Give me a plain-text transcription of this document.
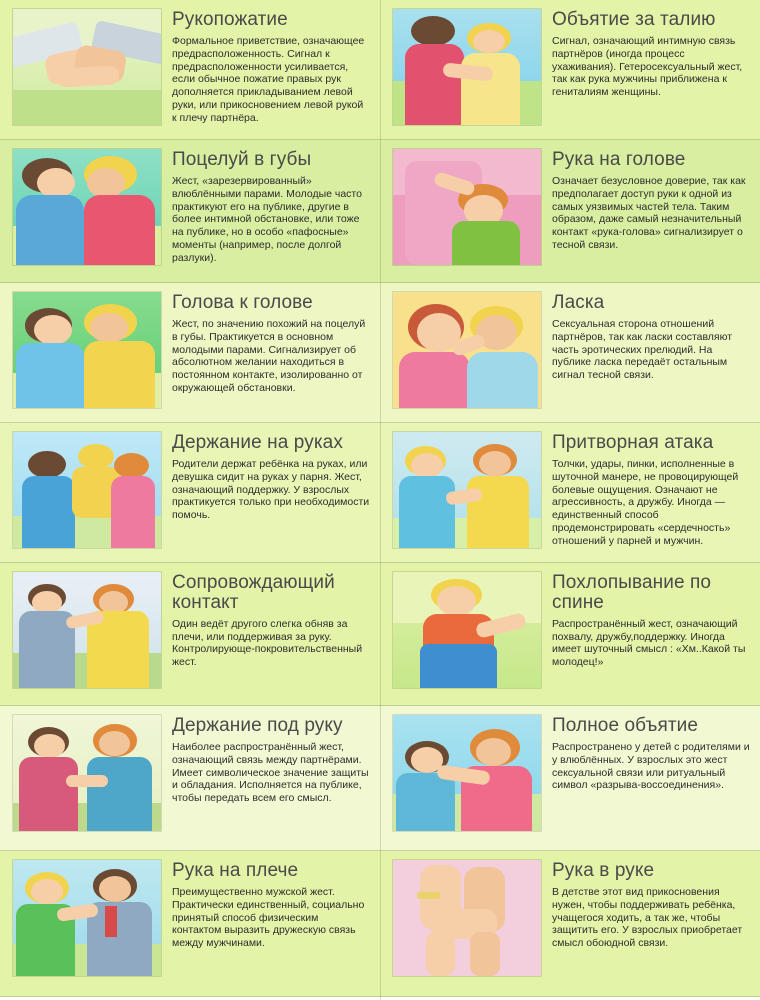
Рукопожатие
Формальное приветствие, означающее предрасположенность. Сигнал к предрасположенности усиливается, если обычное пожатие правых рук дополняется прикладыванием левой руки, или прикосновением левой рукой к плечу партнёра.
Объятие за талию
Сигнал, означающий интимную связь партнёров (иногда процесс ухаживания). Гетеросексуальный жест, так как рука мужчины приближена к гениталиям женщины.
Поцелуй в губы
Жест, «зарезервированный» влюблёнными парами. Молодые часто практикуют его на публике, другие в более интимной обстановке, или тоже на публике, но в особо «пафосные» моменты (например, после долгой разлуки).
Рука на голове
Означает безусловное доверие, так как предполагает доступ руки к одной из самых уязвимых частей тела. Таким образом, даже самый незначительный контакт «рука-голова» сигнализирует о тесной связи.
Голова к голове
Жест, по значению похожий на поцелуй в губы. Практикуется в основном молодыми парами. Сигнализирует об абсолютном желании находиться в постоянном контакте, изолированно от окружающей обстановки.
Ласка
Сексуальная сторона отношений партнёров, так как ласки составляют часть эротических прелюдий. На публике ласка передаёт остальным сигнал тесной связи.
Держание на руках
Родители держат ребёнка на руках, или девушка сидит на руках у парня. Жест, означающий поддержку. У взрослых практикуется только при необходимости помочь.
Притворная атака
Толчки, удары, пинки, исполненные в шуточной манере, не провоцирующей болевые ощущения. Означают не агрессивность, а дружбу. Иногда — единственный способ продемонстрировать «сердечность» отношений у парней и мужчин.
Сопровождающий контакт
Один ведёт другого слегка обняв за плечи, или поддерживая за руку. Контролирующе-покровительственный жест.
Похлопывание по спине
Распространённый жест, означающий похвалу, дружбу,поддержку. Иногда имеет шуточный смысл : «Хм..Какой ты молодец!»
Держание под руку
Наиболее распространённый жест, означающий связь между партнёрами. Имеет символическое значение защиты и обладания. Исполняется на публике, чтобы передать всем его смысл.
Полное объятие
Распространено у детей с родителями и у влюблённых. У взрослых это жест сексуальной связи или ритуальный символ «разрыва-воссоединения».
Рука на плече
Преимущественно мужской жест. Практически единственный, социально принятый способ физическим контактом выразить дружескую связь между мужчинами.
Рука в руке
В детстве этот вид прикосновения нужен, чтобы поддерживать ребёнка, учащегося ходить, а так же, чтобы защитить его. У взрослых приобретает смысл обоюдной связи.
